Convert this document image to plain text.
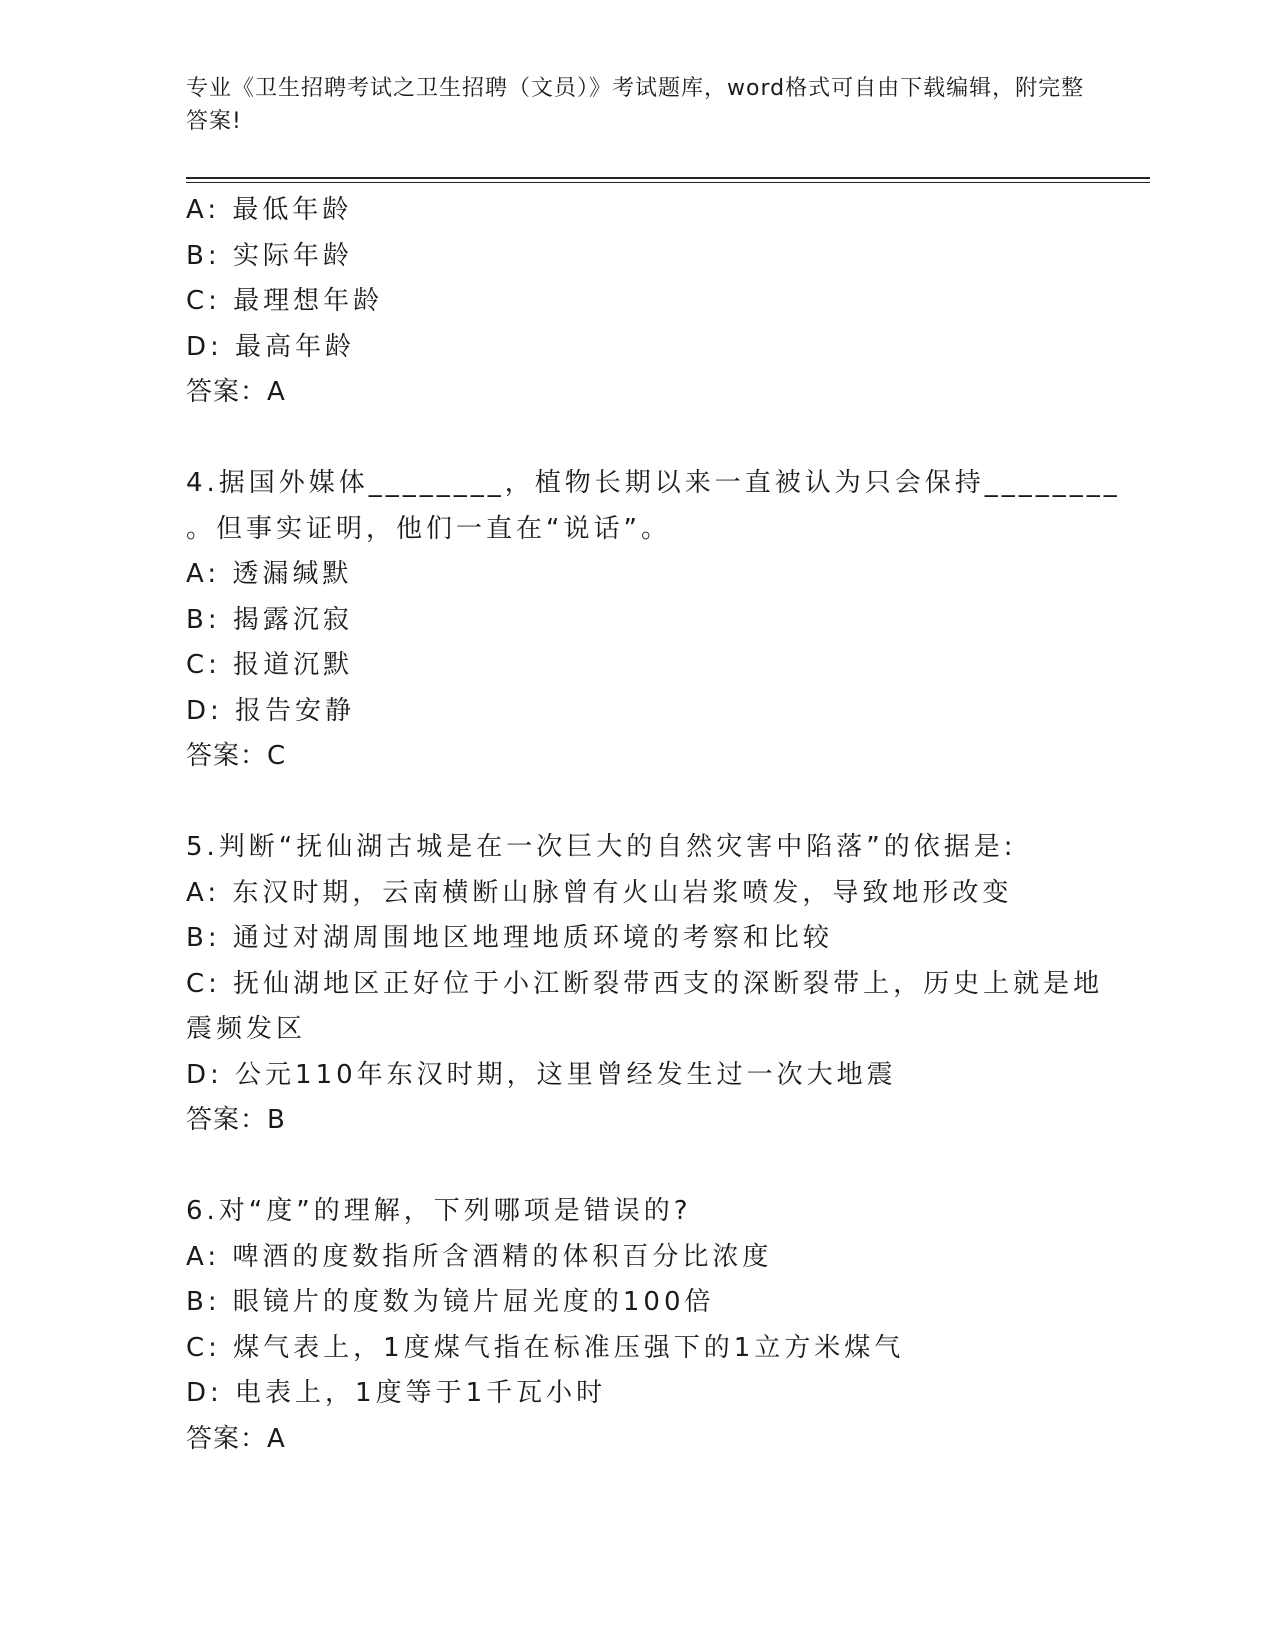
专业《卫生招聘考试之卫生招聘（文员）》考试题库，word格式可自由下载编辑，附完整答案!
A: 最低年龄
B: 实际年龄
C: 最理想年龄
D: 最高年龄
答案：A
4.据国外媒体________，植物长期以来一直被认为只会保持________
。但事实证明，他们一直在“说话”。
A: 透漏缄默
B: 揭露沉寂
C: 报道沉默
D: 报告安静
答案：C
5.判断“抚仙湖古城是在一次巨大的自然灾害中陷落”的依据是:
A: 东汉时期，云南横断山脉曾有火山岩浆喷发，导致地形改变
B: 通过对湖周围地区地理地质环境的考察和比较
C: 抚仙湖地区正好位于小江断裂带西支的深断裂带上，历史上就是地
震频发区
D: 公元110年东汉时期，这里曾经发生过一次大地震
答案：B
6.对“度”的理解，下列哪项是错误的?
A: 啤酒的度数指所含酒精的体积百分比浓度
B: 眼镜片的度数为镜片屈光度的100倍
C: 煤气表上，1度煤气指在标准压强下的1立方米煤气
D: 电表上，1度等于1千瓦小时
答案：A
